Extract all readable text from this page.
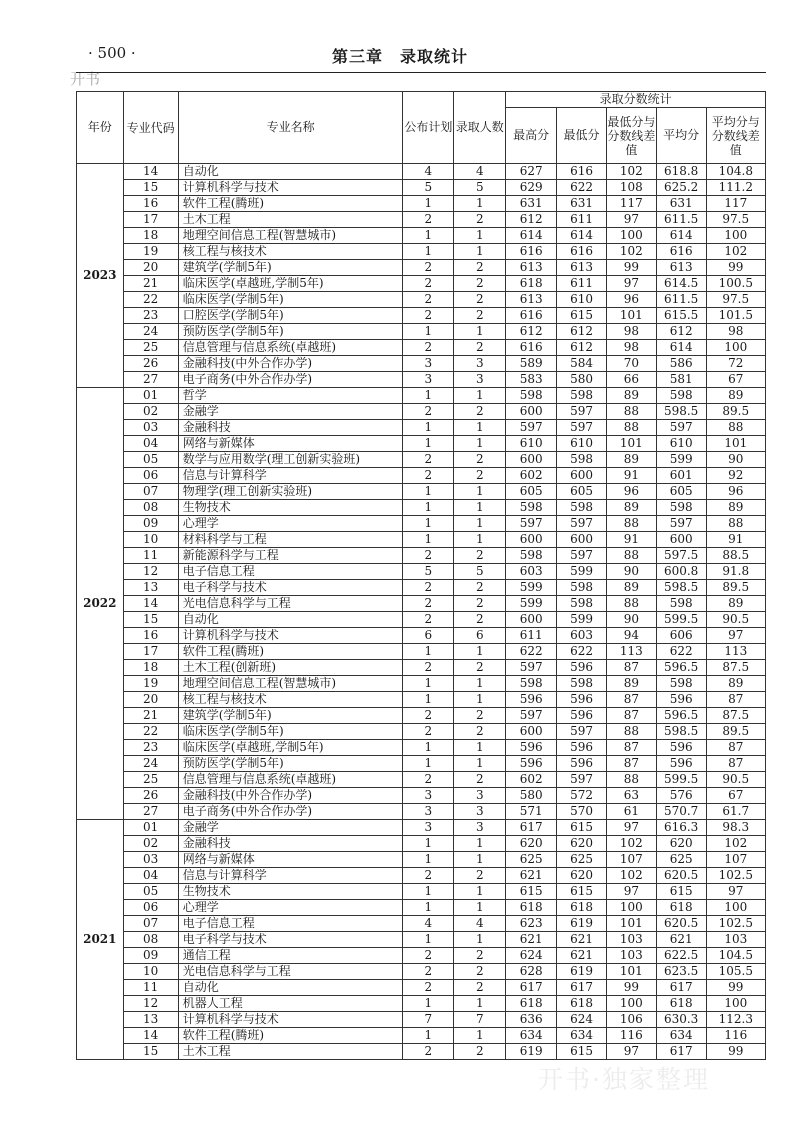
· 500 ·	第三章　录取统计
开书
年份	专业代码	专业名称	公布计划	录取人数	录取分数统计				
					最高分	最低分	最低分与分数线差值	平均分	平均分与分数线差值
2023	14	自动化	4	4	627	616	102	618.8	104.8
	15	计算机科学与技术	5	5	629	622	108	625.2	111.2
	16	软件工程(腾班)	1	1	631	631	117	631	117
	17	土木工程	2	2	612	611	97	611.5	97.5
	18	地理空间信息工程(智慧城市)	1	1	614	614	100	614	100
	19	核工程与核技术	1	1	616	616	102	616	102
	20	建筑学(学制5年)	2	2	613	613	99	613	99
	21	临床医学(卓越班,学制5年)	2	2	618	611	97	614.5	100.5
	22	临床医学(学制5年)	2	2	613	610	96	611.5	97.5
	23	口腔医学(学制5年)	2	2	616	615	101	615.5	101.5
	24	预防医学(学制5年)	1	1	612	612	98	612	98
	25	信息管理与信息系统(卓越班)	2	2	616	612	98	614	100
	26	金融科技(中外合作办学)	3	3	589	584	70	586	72
	27	电子商务(中外合作办学)	3	3	583	580	66	581	67
2022	01	哲学	1	1	598	598	89	598	89
	02	金融学	2	2	600	597	88	598.5	89.5
	03	金融科技	1	1	597	597	88	597	88
	04	网络与新媒体	1	1	610	610	101	610	101
	05	数学与应用数学(理工创新实验班)	2	2	600	598	89	599	90
	06	信息与计算科学	2	2	602	600	91	601	92
	07	物理学(理工创新实验班)	1	1	605	605	96	605	96
	08	生物技术	1	1	598	598	89	598	89
	09	心理学	1	1	597	597	88	597	88
	10	材料科学与工程	1	1	600	600	91	600	91
	11	新能源科学与工程	2	2	598	597	88	597.5	88.5
	12	电子信息工程	5	5	603	599	90	600.8	91.8
	13	电子科学与技术	2	2	599	598	89	598.5	89.5
	14	光电信息科学与工程	2	2	599	598	88	598	89
	15	自动化	2	2	600	599	90	599.5	90.5
	16	计算机科学与技术	6	6	611	603	94	606	97
	17	软件工程(腾班)	1	1	622	622	113	622	113
	18	土木工程(创新班)	2	2	597	596	87	596.5	87.5
	19	地理空间信息工程(智慧城市)	1	1	598	598	89	598	89
	20	核工程与核技术	1	1	596	596	87	596	87
	21	建筑学(学制5年)	2	2	597	596	87	596.5	87.5
	22	临床医学(学制5年)	2	2	600	597	88	598.5	89.5
	23	临床医学(卓越班,学制5年)	1	1	596	596	87	596	87
	24	预防医学(学制5年)	1	1	596	596	87	596	87
	25	信息管理与信息系统(卓越班)	2	2	602	597	88	599.5	90.5
	26	金融科技(中外合作办学)	3	3	580	572	63	576	67
	27	电子商务(中外合作办学)	3	3	571	570	61	570.7	61.7
2021	01	金融学	3	3	617	615	97	616.3	98.3
	02	金融科技	1	1	620	620	102	620	102
	03	网络与新媒体	1	1	625	625	107	625	107
	04	信息与计算科学	2	2	621	620	102	620.5	102.5
	05	生物技术	1	1	615	615	97	615	97
	06	心理学	1	1	618	618	100	618	100
	07	电子信息工程	4	4	623	619	101	620.5	102.5
	08	电子科学与技术	1	1	621	621	103	621	103
	09	通信工程	2	2	624	621	103	622.5	104.5
	10	光电信息科学与工程	2	2	628	619	101	623.5	105.5
	11	自动化	2	2	617	617	99	617	99
	12	机器人工程	1	1	618	618	100	618	100
	13	计算机科学与技术	7	7	636	624	106	630.3	112.3
	14	软件工程(腾班)	1	1	634	634	116	634	116
	15	土木工程	2	2	619	615	97	617	99
开书·独家整理
